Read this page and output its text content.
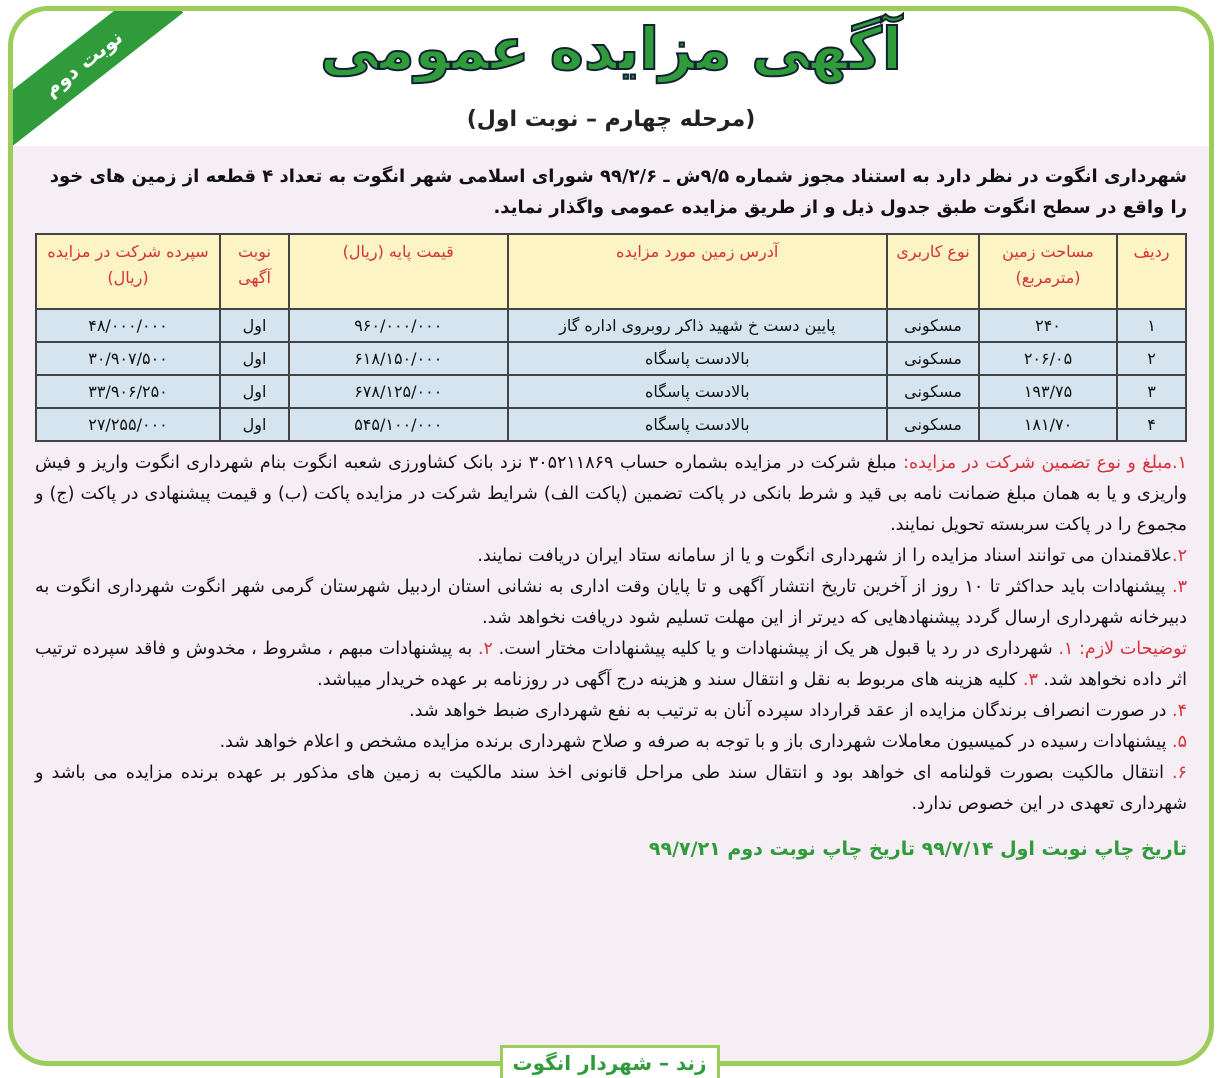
نوبت دوم	آگهی مزایده عمومی
(مرحله چهارم – نوبت اول)

شهرداری انگوت در نظر دارد به استناد مجوز شماره ۹/۵ش ـ ۹۹/۲/۶ شورای اسلامی شهر انگوت به تعداد ۴ قطعه از زمین های خود را واقع در سطح انگوت طبق جدول ذیل و از طریق مزایده عمومی واگذار نماید.

ردیف	مساحت زمین (مترمربع)	نوع کاربری	آدرس زمین مورد مزایده	قیمت پایه (ریال)	نوبت آگهی	سپرده شرکت در مزایده (ریال)
۱	۲۴۰	مسکونی	پایین دست خ شهید ذاکر روبروی اداره گاز	۹۶۰/۰۰۰/۰۰۰	اول	۴۸/۰۰۰/۰۰۰
۲	۲۰۶/۰۵	مسکونی	بالادست پاسگاه	۶۱۸/۱۵۰/۰۰۰	اول	۳۰/۹۰۷/۵۰۰
۳	۱۹۳/۷۵	مسکونی	بالادست پاسگاه	۶۷۸/۱۲۵/۰۰۰	اول	۳۳/۹۰۶/۲۵۰
۴	۱۸۱/۷۰	مسکونی	بالادست پاسگاه	۵۴۵/۱۰۰/۰۰۰	اول	۲۷/۲۵۵/۰۰۰

۱.مبلغ و نوع تضمین شرکت در مزایده: مبلغ شرکت در مزایده بشماره حساب ۳۰۵۲۱۱۸۶۹ نزد بانک کشاورزی شعبه انگوت بنام شهرداری انگوت واریز و فیش واریزی و یا به همان مبلغ ضمانت نامه بی قید و شرط بانکی در پاکت تضمین (پاکت الف) شرایط شرکت در مزایده پاکت (ب) و قیمت پیشنهادی در پاکت (ج) و مجموع را در پاکت سربسته تحویل نمایند.

۲.علاقمندان می توانند اسناد مزایده را از شهرداری انگوت و یا از سامانه ستاد ایران دریافت نمایند.

۳. پیشنهادات باید حداکثر تا ۱۰ روز از آخرین تاریخ انتشار آگهی و تا پایان وقت اداری به نشانی استان اردبیل شهرستان گرمی شهر انگوت شهرداری انگوت به دبیرخانه شهرداری ارسال گردد پیشنهادهایی که دیرتر از این مهلت تسلیم شود دریافت نخواهد شد.

توضیحات لازم: ۱. شهرداری در رد یا قبول هر یک از پیشنهادات و یا کلیه پیشنهادات مختار است. ۲. به پیشنهادات مبهم ، مشروط ، مخدوش و فاقد سپرده ترتیب اثر داده نخواهد شد. ۳. کلیه هزینه های مربوط به نقل و انتقال سند و هزینه درج آگهی در روزنامه بر عهده خریدار میباشد.

۴. در صورت انصراف برندگان مزایده از عقد قرارداد سپرده آنان به ترتیب به نفع شهرداری ضبط خواهد شد.

۵. پیشنهادات رسیده در کمیسیون معاملات شهرداری باز و با توجه به صرفه و صلاح شهرداری برنده مزایده مشخص و اعلام خواهد شد.

۶. انتقال مالکیت بصورت قولنامه ای خواهد بود و انتقال سند طی مراحل قانونی اخذ سند مالکیت به زمین های مذکور بر عهده برنده مزایده می باشد و شهرداری تعهدی در این خصوص ندارد.

تاریخ چاپ نوبت اول ۹۹/۷/۱۴ تاریخ چاپ نوبت دوم ۹۹/۷/۲۱
زند – شهردار انگوت
